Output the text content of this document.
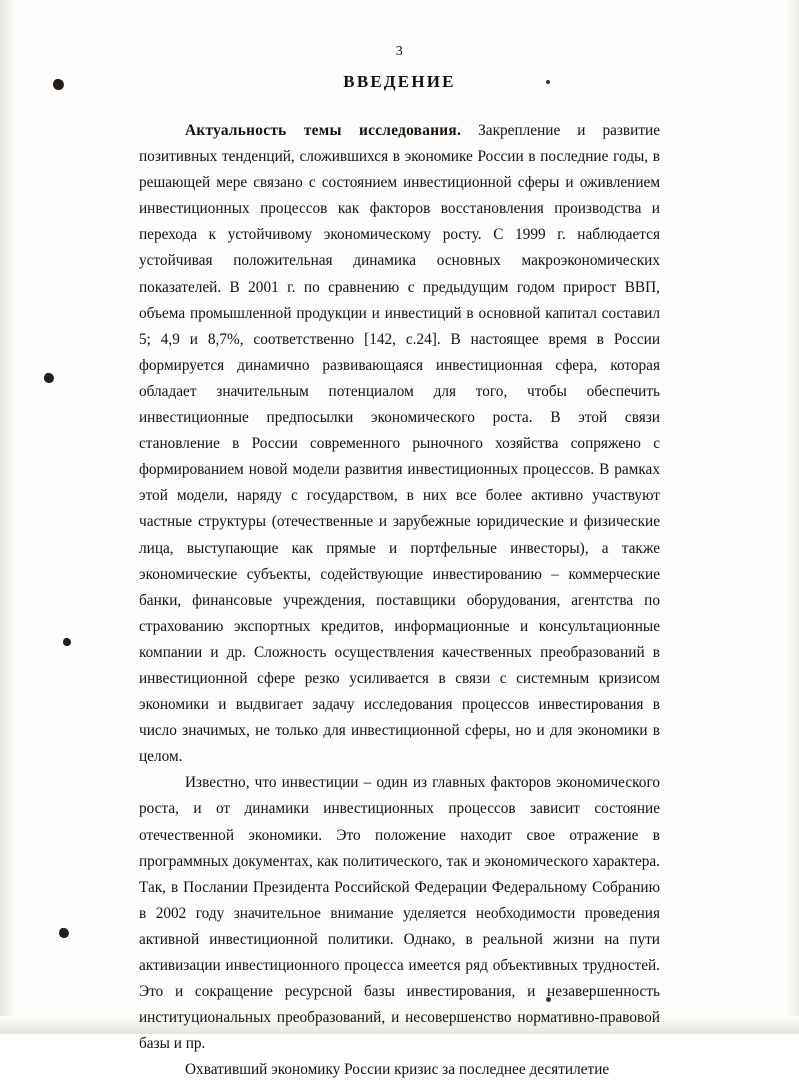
3
ВВЕДЕНИЕ

Актуальность темы исследования. Закрепление и развитие позитивных тенденций, сложившихся в экономике России в последние годы, в решающей мере связано с состоянием инвестиционной сферы и оживлением инвестиционных процессов как факторов восстановления производства и перехода к устойчивому экономическому росту. С 1999 г. наблюдается устойчивая положительная динамика основных макроэкономических показателей. В 2001 г. по сравнению с предыдущим годом прирост ВВП, объема промышленной продукции и инвестиций в основной капитал составил 5; 4,9 и 8,7%, соответственно [142, с.24]. В настоящее время в России формируется динамично развивающаяся инвестиционная сфера, которая обладает значительным потенциалом для того, чтобы обеспечить инвестиционные предпосылки экономического роста. В этой связи становление в России современного рыночного хозяйства сопряжено с формированием новой модели развития инвестиционных процессов. В рамках этой модели, наряду с государством, в них все более активно участвуют частные структуры (отечественные и зарубежные юридические и физические лица, выступающие как прямые и портфельные инвесторы), а также экономические субъекты, содействующие инвестированию – коммерческие банки, финансовые учреждения, поставщики оборудования, агентства по страхованию экспортных кредитов, информационные и консультационные компании и др. Сложность осуществления качественных преобразований в инвестиционной сфере резко усиливается в связи с системным кризисом экономики и выдвигает задачу исследования процессов инвестирования в число значимых, не только для инвестиционной сферы, но и для экономики в целом.

Известно, что инвестиции – один из главных факторов экономического роста, и от динамики инвестиционных процессов зависит состояние отечественной экономики. Это положение находит свое отражение в программных документах, как политического, так и экономического характера. Так, в Послании Президента Российской Федерации Федеральному Собранию в 2002 году значительное внимание уделяется необходимости проведения активной инвестиционной политики. Однако, в реальной жизни на пути активизации инвестиционного процесса имеется ряд объективных трудностей. Это и сокращение ресурсной базы инвестирования, и незавершенность институциональных преобразований, и несовершенство нормативно-правовой базы и пр.

Охвативший экономику России кризис за последнее десятилетие
